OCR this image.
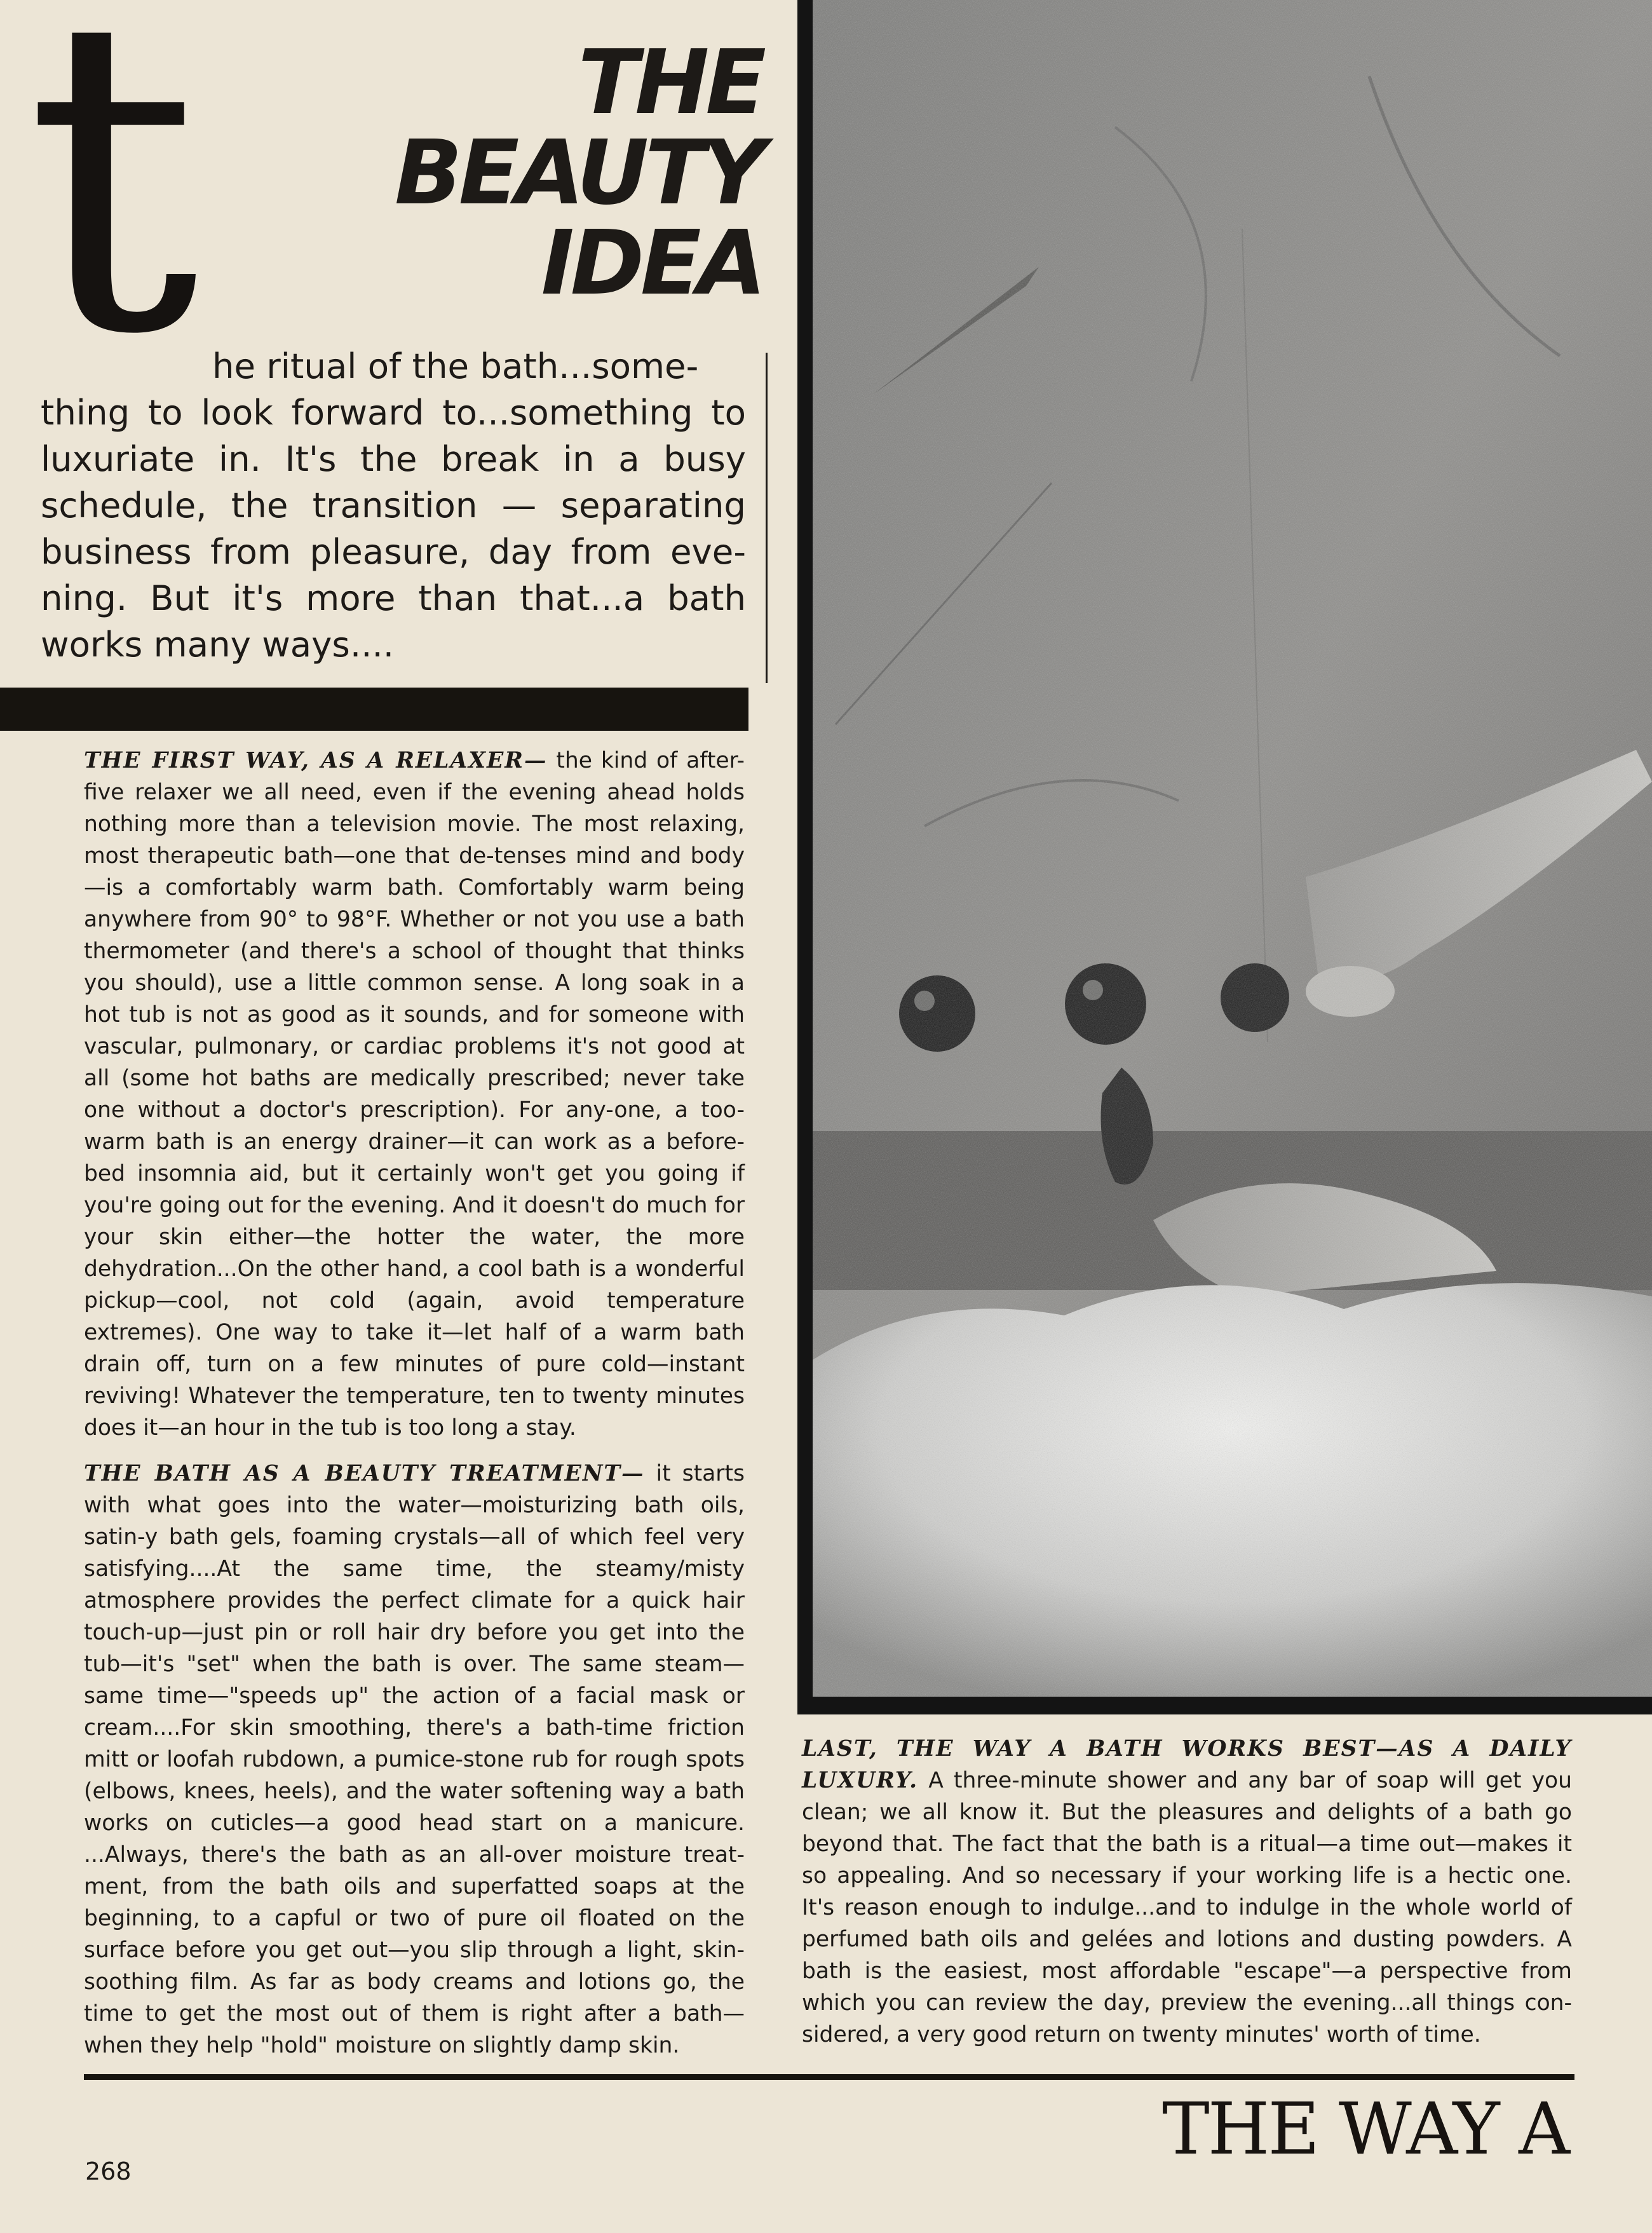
t	THE
BEAUTY
IDEA
he ritual of the bath...some-
thing to look forward to...something to luxuriate in. It's the break in a busy schedule, the transition — separating business from pleasure, day from eve-ning. But it's more than that...a bath works many ways....

THE FIRST WAY, AS A RELAXER— the kind of after-five relaxer we all need, even if the evening ahead holds nothing more than a television movie. The most relaxing, most therapeutic bath—one that de-tenses mind and body—is a comfortably warm bath. Comfortably warm being anywhere from 90° to 98°F. Whether or not you use a bath thermometer (and there's a school of thought that thinks you should), use a little common sense. A long soak in a hot tub is not as good as it sounds, and for someone with vascular, pulmonary, or cardiac problems it's not good at all (some hot baths are medically prescribed; never take one without a doctor's prescription). For any-one, a too-warm bath is an energy drainer—it can work as a before-bed insomnia aid, but it certainly won't get you going if you're going out for the evening. And it doesn't do much for your skin either—the hotter the water, the more dehydration...On the other hand, a cool bath is a wonderful pickup—cool, not cold (again, avoid temperature extremes). One way to take it—let half of a warm bath drain off, turn on a few minutes of pure cold—instant reviving! Whatever the temperature, ten to twenty minutes does it—an hour in the tub is too long a stay.

THE BATH AS A BEAUTY TREATMENT— it starts with what goes into the water—moisturizing bath oils, satin-y bath gels, foaming crystals—all of which feel very satisfying....At the same time, the steamy/misty atmosphere provides the perfect climate for a quick hair touch-up—just pin or roll hair dry before you get into the tub—it's "set" when the bath is over. The same steam—same time—"speeds up" the action of a facial mask or cream....For skin smoothing, there's a bath-time friction mitt or loofah rubdown, a pumice-stone rub for rough spots (elbows, knees, heels), and the water softening way a bath works on cuticles—a good head start on a manicure. ...Always, there's the bath as an all-over moisture treat-ment, from the bath oils and superfatted soaps at the beginning, to a capful or two of pure oil floated on the surface before you get out—you slip through a light, skin-soothing film. As far as body creams and lotions go, the time to get the most out of them is right after a bath—when they help "hold" moisture on slightly damp skin.

LAST, THE WAY A BATH WORKS BEST—AS A DAILY LUXURY. A three-minute shower and any bar of soap will get you clean; we all know it. But the pleasures and delights of a bath go beyond that. The fact that the bath is a ritual—a time out—makes it so appealing. And so necessary if your working life is a hectic one. It's reason enough to indulge...and to indulge in the whole world of perfumed bath oils and gelées and lotions and dusting powders. A bath is the easiest, most affordable "escape"—a perspective from which you can review the day, preview the evening...all things con-sidered, a very good return on twenty minutes' worth of time.

THE WAY A
268
